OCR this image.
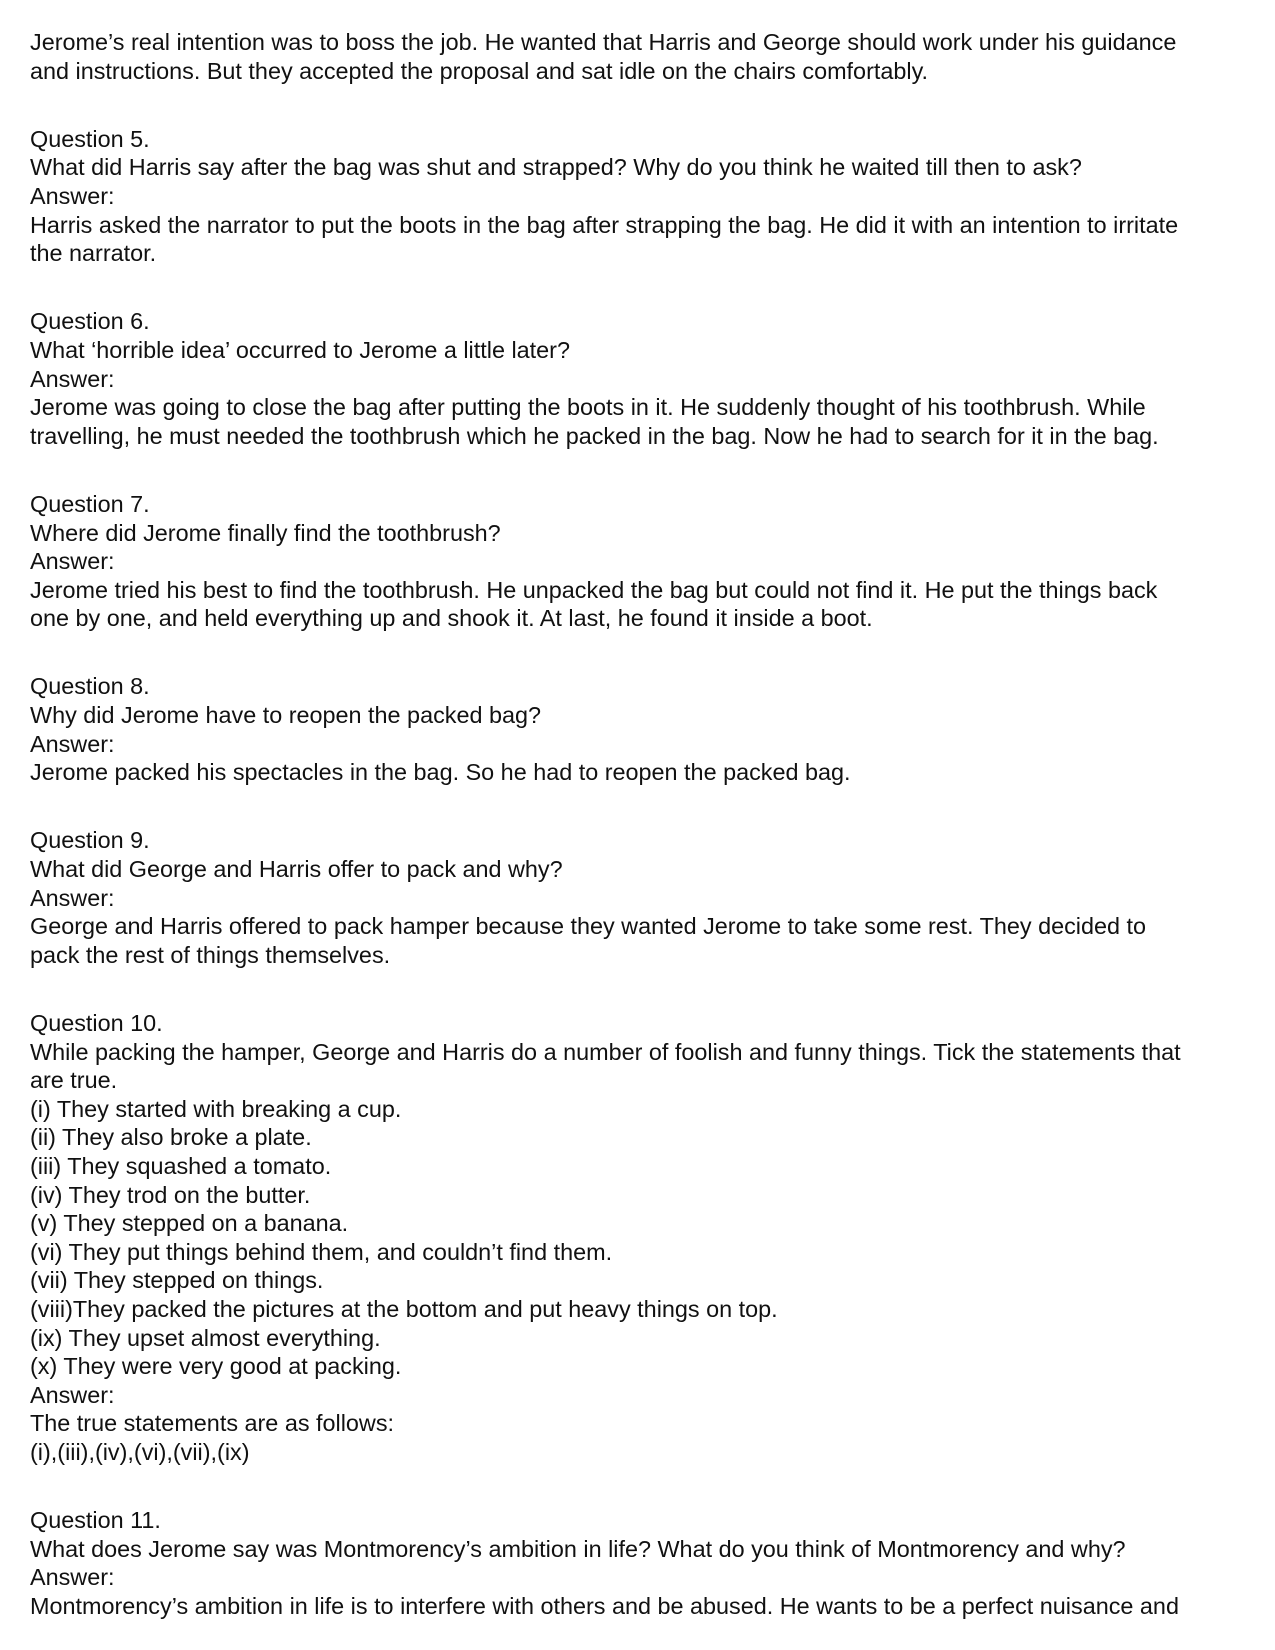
Jerome’s real intention was to boss the job. He wanted that Harris and George should work under his guidance
and instructions. But they accepted the proposal and sat idle on the chairs comfortably.
Question 5.
What did Harris say after the bag was shut and strapped? Why do you think he waited till then to ask?
Answer:
Harris asked the narrator to put the boots in the bag after strapping the bag. He did it with an intention to irritate
the narrator.
Question 6.
What ‘horrible idea’ occurred to Jerome a little later?
Answer:
Jerome was going to close the bag after putting the boots in it. He suddenly thought of his toothbrush. While
travelling, he must needed the toothbrush which he packed in the bag. Now he had to search for it in the bag.
Question 7.
Where did Jerome finally find the toothbrush?
Answer:
Jerome tried his best to find the toothbrush. He unpacked the bag but could not find it. He put the things back
one by one, and held everything up and shook it. At last, he found it inside a boot.
Question 8.
Why did Jerome have to reopen the packed bag?
Answer:
Jerome packed his spectacles in the bag. So he had to reopen the packed bag.
Question 9.
What did George and Harris offer to pack and why?
Answer:
George and Harris offered to pack hamper because they wanted Jerome to take some rest. They decided to
pack the rest of things themselves.
Question 10.
While packing the hamper, George and Harris do a number of foolish and funny things. Tick the statements that
are true.
(i) They started with breaking a cup.
(ii) They also broke a plate.
(iii) They squashed a tomato.
(iv) They trod on the butter.
(v) They stepped on a banana.
(vi) They put things behind them, and couldn’t find them.
(vii) They stepped on things.
(viii)They packed the pictures at the bottom and put heavy things on top.
(ix) They upset almost everything.
(x) They were very good at packing.
Answer:
The true statements are as follows:
(i),(iii),(iv),(vi),(vii),(ix)
Question 11.
What does Jerome say was Montmorency’s ambition in life? What do you think of Montmorency and why?
Answer:
Montmorency’s ambition in life is to interfere with others and be abused. He wants to be a perfect nuisance and
